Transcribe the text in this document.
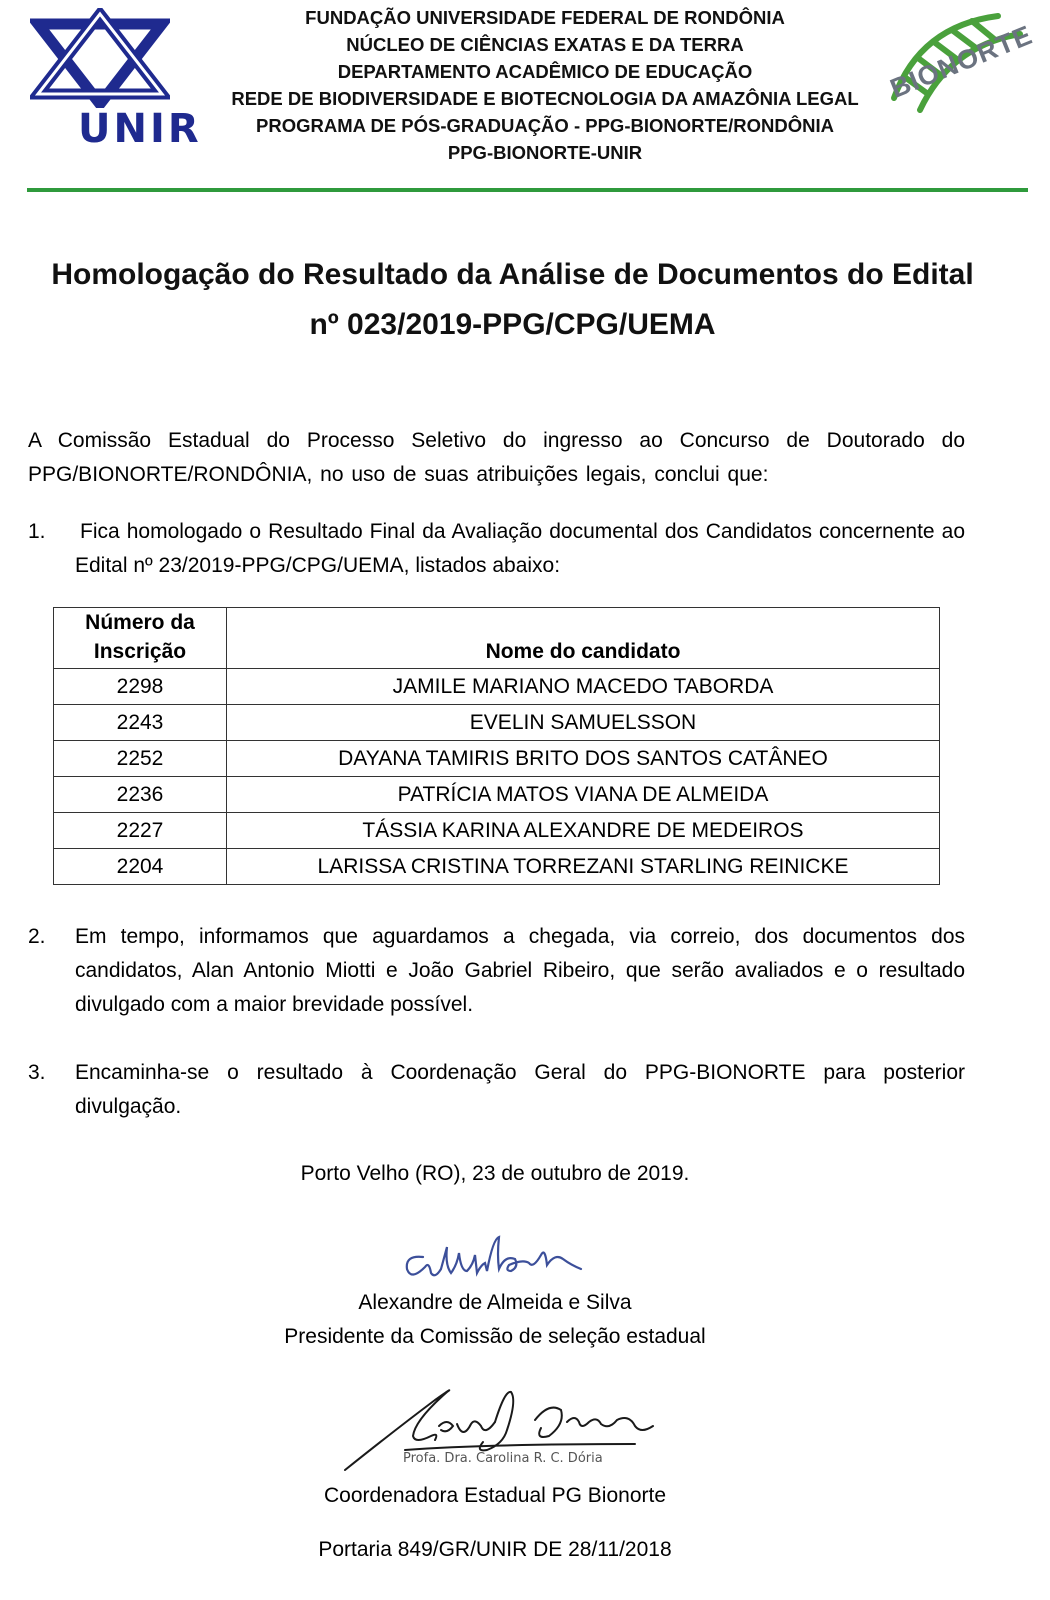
UNIR
BIONORTE
FUNDAÇÃO UNIVERSIDADE FEDERAL DE RONDÔNIA
NÚCLEO DE CIÊNCIAS EXATAS E DA TERRA
DEPARTAMENTO ACADÊMICO DE EDUCAÇÃO
REDE DE BIODIVERSIDADE E BIOTECNOLOGIA DA AMAZÔNIA LEGAL
PROGRAMA DE PÓS-GRADUAÇÃO - PPG-BIONORTE/RONDÔNIA
PPG-BIONORTE-UNIR
Homologação do Resultado da Análise de Documentos do Edital
nº 023/2019-PPG/CPG/UEMA
A Comissão Estadual do Processo Seletivo do ingresso ao Concurso de Doutorado do PPG/BIONORTE/RONDÔNIA, no uso de suas atribuições legais, conclui que:
1. Fica homologado o Resultado Final da Avaliação documental dos Candidatos concernente ao Edital nº 23/2019-PPG/CPG/UEMA, listados abaixo:
Número da
Inscrição	Nome do candidato
2298	JAMILE MARIANO MACEDO TABORDA
2243	EVELIN SAMUELSSON
2252	DAYANA TAMIRIS BRITO DOS SANTOS CATÂNEO
2236	PATRÍCIA MATOS VIANA DE ALMEIDA
2227	TÁSSIA KARINA ALEXANDRE DE MEDEIROS
2204	LARISSA CRISTINA TORREZANI STARLING REINICKE
2. Em tempo, informamos que aguardamos a chegada, via correio, dos documentos dos candidatos, Alan Antonio Miotti e João Gabriel Ribeiro, que serão avaliados e o resultado divulgado com a maior brevidade possível.
3. Encaminha-se o resultado à Coordenação Geral do PPG-BIONORTE para posterior divulgação.
Porto Velho (RO), 23 de outubro de 2019.
Alexandre de Almeida e Silva
Presidente da Comissão de seleção estadual
Profa. Dra. Carolina R. C. Dória
Coordenadora Estadual PG Bionorte
Portaria 849/GR/UNIR DE 28/11/2018
